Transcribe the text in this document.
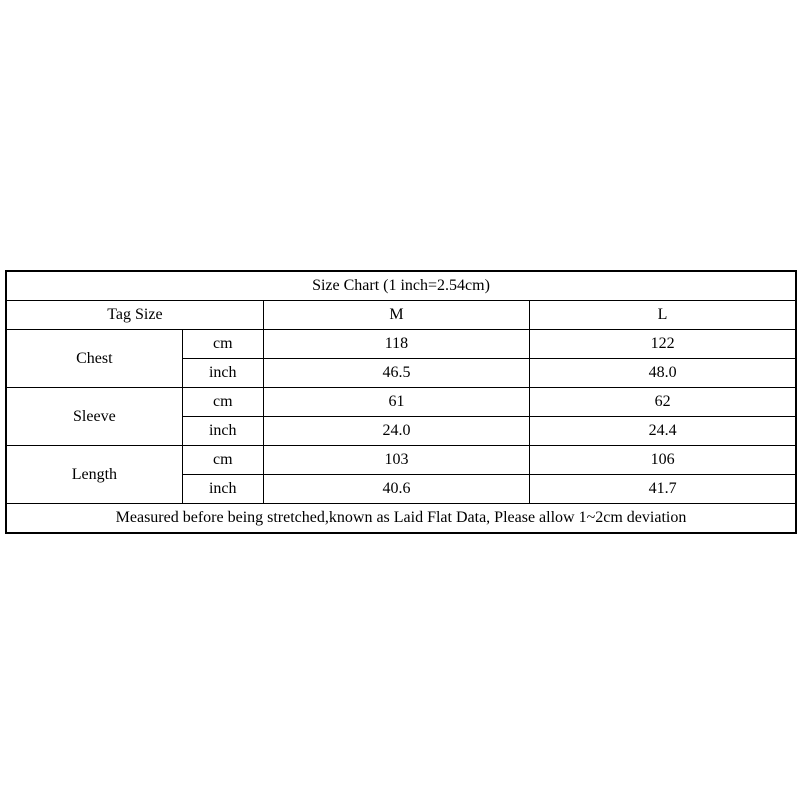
Size Chart (1 inch=2.54cm)			
Tag Size		M	L
Chest	cm	118	122
	inch	46.5	48.0
Sleeve	cm	61	62
	inch	24.0	24.4
Length	cm	103	106
	inch	40.6	41.7
Measured before being stretched,known as Laid Flat Data, Please allow 1~2cm deviation			
